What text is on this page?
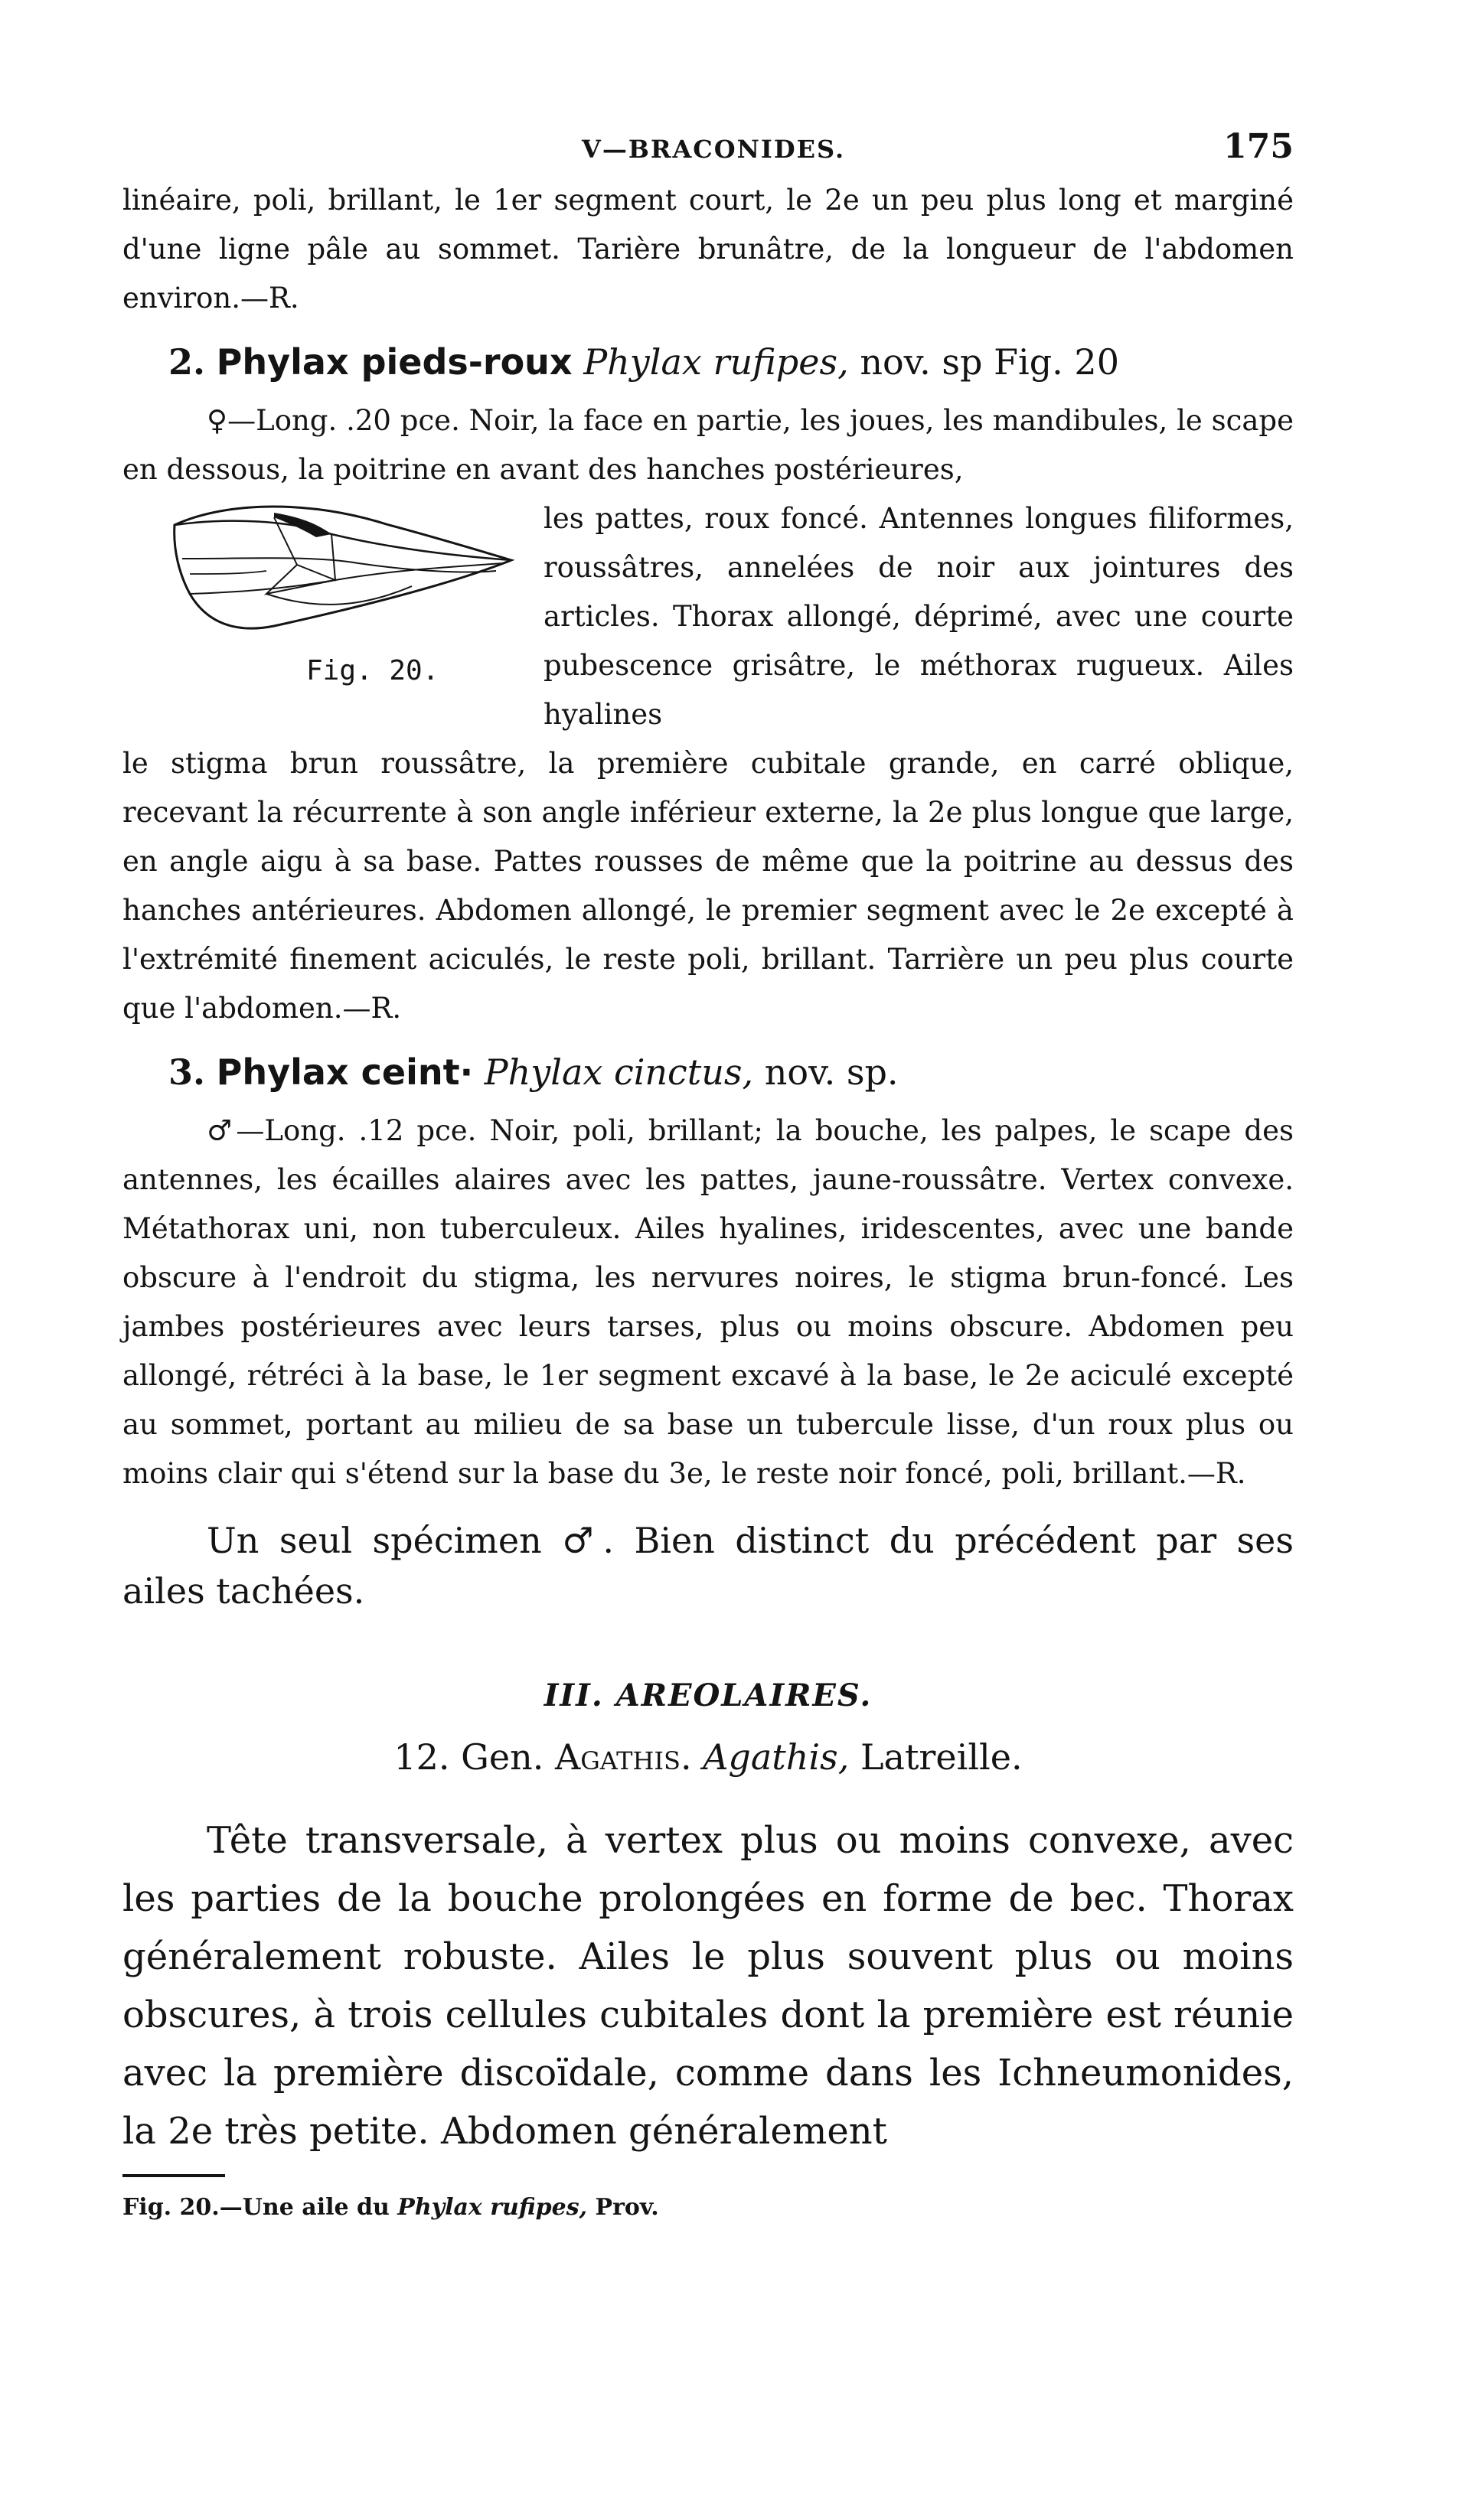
V—BRACONIDES.	175

linéaire, poli, brillant, le 1er segment court, le 2e un peu plus long et marginé d'une ligne pâle au sommet. Tarière brunâtre, de la longueur de l'abdomen environ.—R.

2. Phylax pieds-roux Phylax rufipes, nov. sp Fig. 20

♀—Long. .20 pce. Noir, la face en partie, les joues, les mandibules, le scape en dessous, la poitrine en avant des hanches postérieures,

Fig. 20.

les pattes, roux foncé. Antennes longues filiformes, roussâtres, annelées de noir aux jointures des articles. Thorax allongé, déprimé, avec une courte pubescence grisâtre, le méthorax rugueux. Ailes hyalines

le stigma brun roussâtre, la première cubitale grande, en carré oblique, recevant la récurrente à son angle inférieur externe, la 2e plus longue que large, en angle aigu à sa base. Pattes rousses de même que la poitrine au dessus des hanches antérieures. Abdomen allongé, le premier segment avec le 2e excepté à l'extrémité finement aciculés, le reste poli, brillant. Tarrière un peu plus courte que l'abdomen.—R.

3. Phylax ceint· Phylax cinctus, nov. sp.

♂—Long. .12 pce. Noir, poli, brillant; la bouche, les palpes, le scape des antennes, les écailles alaires avec les pattes, jaune-roussâtre. Vertex convexe. Métathorax uni, non tuberculeux. Ailes hyalines, iridescentes, avec une bande obscure à l'endroit du stigma, les nervures noires, le stigma brun-foncé. Les jambes postérieures avec leurs tarses, plus ou moins obscure. Abdomen peu allongé, rétréci à la base, le 1er segment excavé à la base, le 2e aciculé excepté au sommet, portant au milieu de sa base un tubercule lisse, d'un roux plus ou moins clair qui s'étend sur la base du 3e, le reste noir foncé, poli, brillant.—R.

Un seul spécimen ♂. Bien distinct du précédent par ses ailes tachées.

III. AREOLAIRES.
12. Gen. Agathis. Agathis, Latreille.

Tête transversale, à vertex plus ou moins convexe, avec les parties de la bouche prolongées en forme de bec. Thorax généralement robuste. Ailes le plus souvent plus ou moins obscures, à trois cellules cubitales dont la première est réunie avec la première discoïdale, comme dans les Ichneumonides, la 2e très petite. Abdomen généralement

Fig. 20.—Une aile du Phylax rufipes, Prov.
